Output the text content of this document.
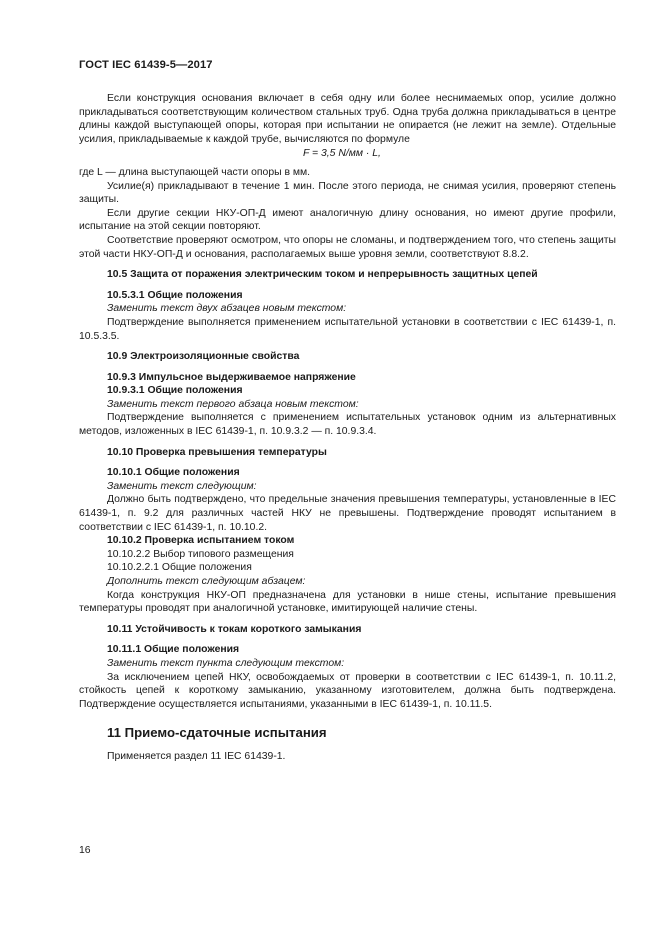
ГОСТ IEC 61439-5—2017

Если конструкция основания включает в себя одну или более неснимаемых опор, усилие должно прикладываться соответствующим количеством стальных труб. Одна труба должна прикладываться в центре длины каждой выступающей опоры, которая при испытании не опирается (не лежит на земле). Отдельные усилия, прикладываемые к каждой трубе, вычисляются по формуле

F = 3,5 N/мм · L,

где L — длина выступающей части опоры в мм.

Усилие(я) прикладывают в течение 1 мин. После этого периода, не снимая усилия, проверяют степень защиты.

Если другие секции НКУ-ОП-Д имеют аналогичную длину основания, но имеют другие профили, испытание на этой секции повторяют.

Соответствие проверяют осмотром, что опоры не сломаны, и подтверждением того, что степень защиты этой части НКУ-ОП-Д и основания, располагаемых выше уровня земли, соответствуют 8.8.2.

10.5 Защита от поражения электрическим током и непрерывность защитных цепей

10.5.3.1 Общие положения

Заменить текст двух абзацев новым текстом:

Подтверждение выполняется применением испытательной установки в соответствии с IEC 61439-1, п. 10.5.3.5.

10.9 Электроизоляционные свойства

10.9.3 Импульсное выдерживаемое напряжение

10.9.3.1 Общие положения

Заменить текст первого абзаца новым текстом:

Подтверждение выполняется с применением испытательных установок одним из альтернативных методов, изложенных в IEC 61439-1, п. 10.9.3.2 — п. 10.9.3.4.

10.10 Проверка превышения температуры

10.10.1 Общие положения

Заменить текст следующим:

Должно быть подтверждено, что предельные значения превышения температуры, установленные в IEC 61439-1, п. 9.2 для различных частей НКУ не превышены. Подтверждение проводят испытанием в соответствии с IEC 61439-1, п. 10.10.2.

10.10.2 Проверка испытанием током

10.10.2.2 Выбор типового размещения

10.10.2.2.1 Общие положения

Дополнить текст следующим абзацем:

Когда конструкция НКУ-ОП предназначена для установки в нише стены, испытание превышения температуры проводят при аналогичной установке, имитирующей наличие стены.

10.11 Устойчивость к токам короткого замыкания

10.11.1 Общие положения

Заменить текст пункта следующим текстом:

За исключением цепей НКУ, освобождаемых от проверки в соответствии с IEC 61439-1, п. 10.11.2, стойкость цепей к короткому замыканию, указанному изготовителем, должна быть подтверждена. Подтверждение осуществляется испытаниями, указанными в IEC 61439-1, п. 10.11.5.

11 Приемо-сдаточные испытания

Применяется раздел 11 IEC 61439-1.

16
